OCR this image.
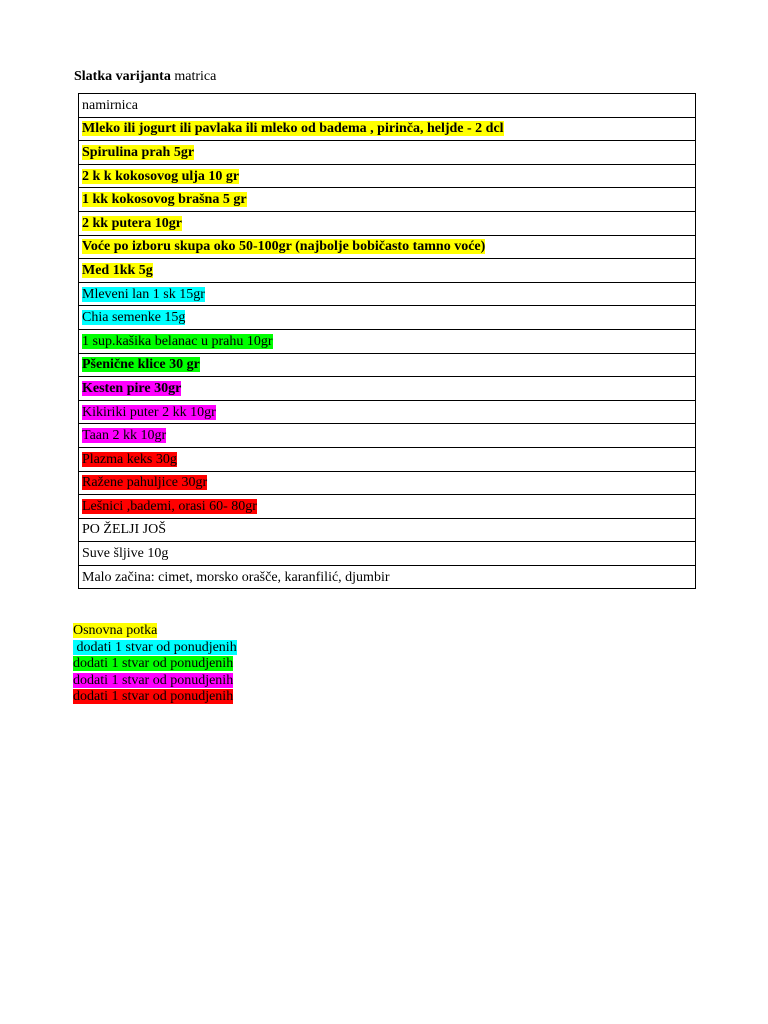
Slatka varijanta matrica
namirnica
Mleko ili jogurt ili pavlaka ili mleko od badema , pirinča, heljde - 2 dcl
Spirulina prah 5gr
2 k k kokosovog ulja 10 gr
1 kk kokosovog brašna 5 gr
2 kk putera 10gr
Voće po izboru skupa oko 50-100gr (najbolje bobičasto tamno voće)
Med 1kk 5g
Mleveni lan 1 sk 15gr
Chia semenke 15g
1 sup.kašika belanac u prahu 10gr
Pšenične klice 30 gr
Kesten pire 30gr
Kikiriki puter 2 kk 10gr
Taan 2 kk 10gr
Plazma keks 30g
Ražene pahuljice 30gr
Lešnici ,bademi, orasi 60- 80gr
PO ŽELJI JOŠ
Suve šljive 10g
Malo začina: cimet, morsko oraščе, karanfilić, djumbir
Osnovna potka
dodati 1 stvar od ponudjenih
dodati 1 stvar od ponudjenih
dodati 1 stvar od ponudjenih
dodati 1 stvar od ponudjenih
